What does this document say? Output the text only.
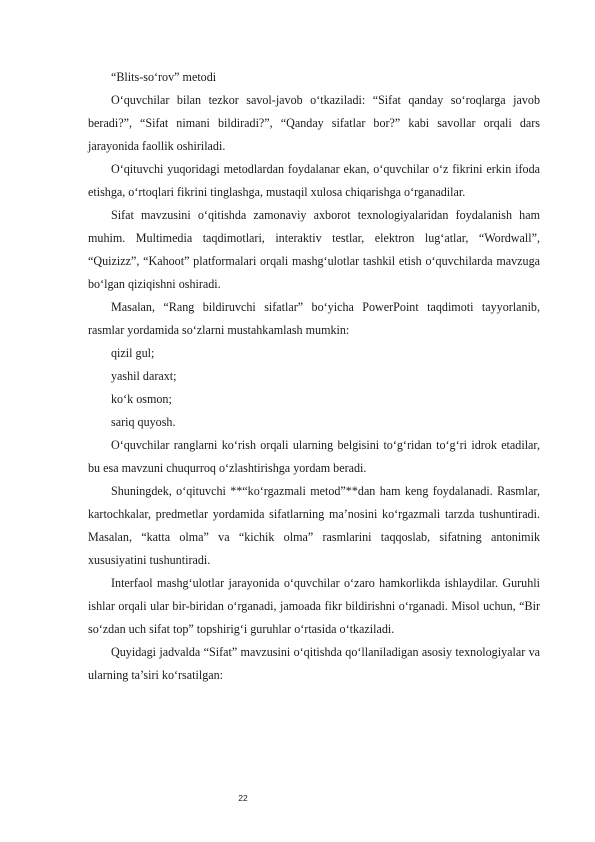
“Blits-so‘rov” metodi

O‘quvchilar bilan tezkor savol-javob o‘tkaziladi: “Sifat qanday so‘roqlarga javob beradi?”, “Sifat nimani bildiradi?”, “Qanday sifatlar bor?” kabi savollar orqali dars jarayonida faollik oshiriladi.

O‘qituvchi yuqoridagi metodlardan foydalanar ekan, o‘quvchilar o‘z fikrini erkin ifoda etishga, o‘rtoqlari fikrini tinglashga, mustaqil xulosa chiqarishga o‘rganadilar.

Sifat mavzusini o‘qitishda zamonaviy axborot texnologiyalaridan foydalanish ham muhim. Multimedia taqdimotlari, interaktiv testlar, elektron lug‘atlar, “Wordwall”, “Quizizz”, “Kahoot” platformalari orqali mashg‘ulotlar tashkil etish o‘quvchilarda mavzuga bo‘lgan qiziqishni oshiradi.

Masalan, “Rang bildiruvchi sifatlar” bo‘yicha PowerPoint taqdimoti tayyorlanib, rasmlar yordamida so‘zlarni mustahkamlash mumkin:

qizil gul;

yashil daraxt;

ko‘k osmon;

sariq quyosh.

O‘quvchilar ranglarni ko‘rish orqali ularning belgisini to‘g‘ridan to‘g‘ri idrok etadilar, bu esa mavzuni chuqurroq o‘zlashtirishga yordam beradi.

Shuningdek, o‘qituvchi **“ko‘rgazmali metod”**dan ham keng foydalanadi. Rasmlar, kartochkalar, predmetlar yordamida sifatlarning ma’nosini ko‘rgazmali tarzda tushuntiradi. Masalan, “katta olma” va “kichik olma” rasmlarini taqqoslab, sifatning antonimik xususiyatini tushuntiradi.

Interfaol mashg‘ulotlar jarayonida o‘quvchilar o‘zaro hamkorlikda ishlaydilar. Guruhli ishlar orqali ular bir-biridan o‘rganadi, jamoada fikr bildirishni o‘rganadi. Misol uchun, “Bir so‘zdan uch sifat top” topshirig‘i guruhlar o‘rtasida o‘tkaziladi.

Quyidagi jadvalda “Sifat” mavzusini o‘qitishda qo‘llaniladigan asosiy texnologiyalar va ularning ta’siri ko‘rsatilgan:

22
